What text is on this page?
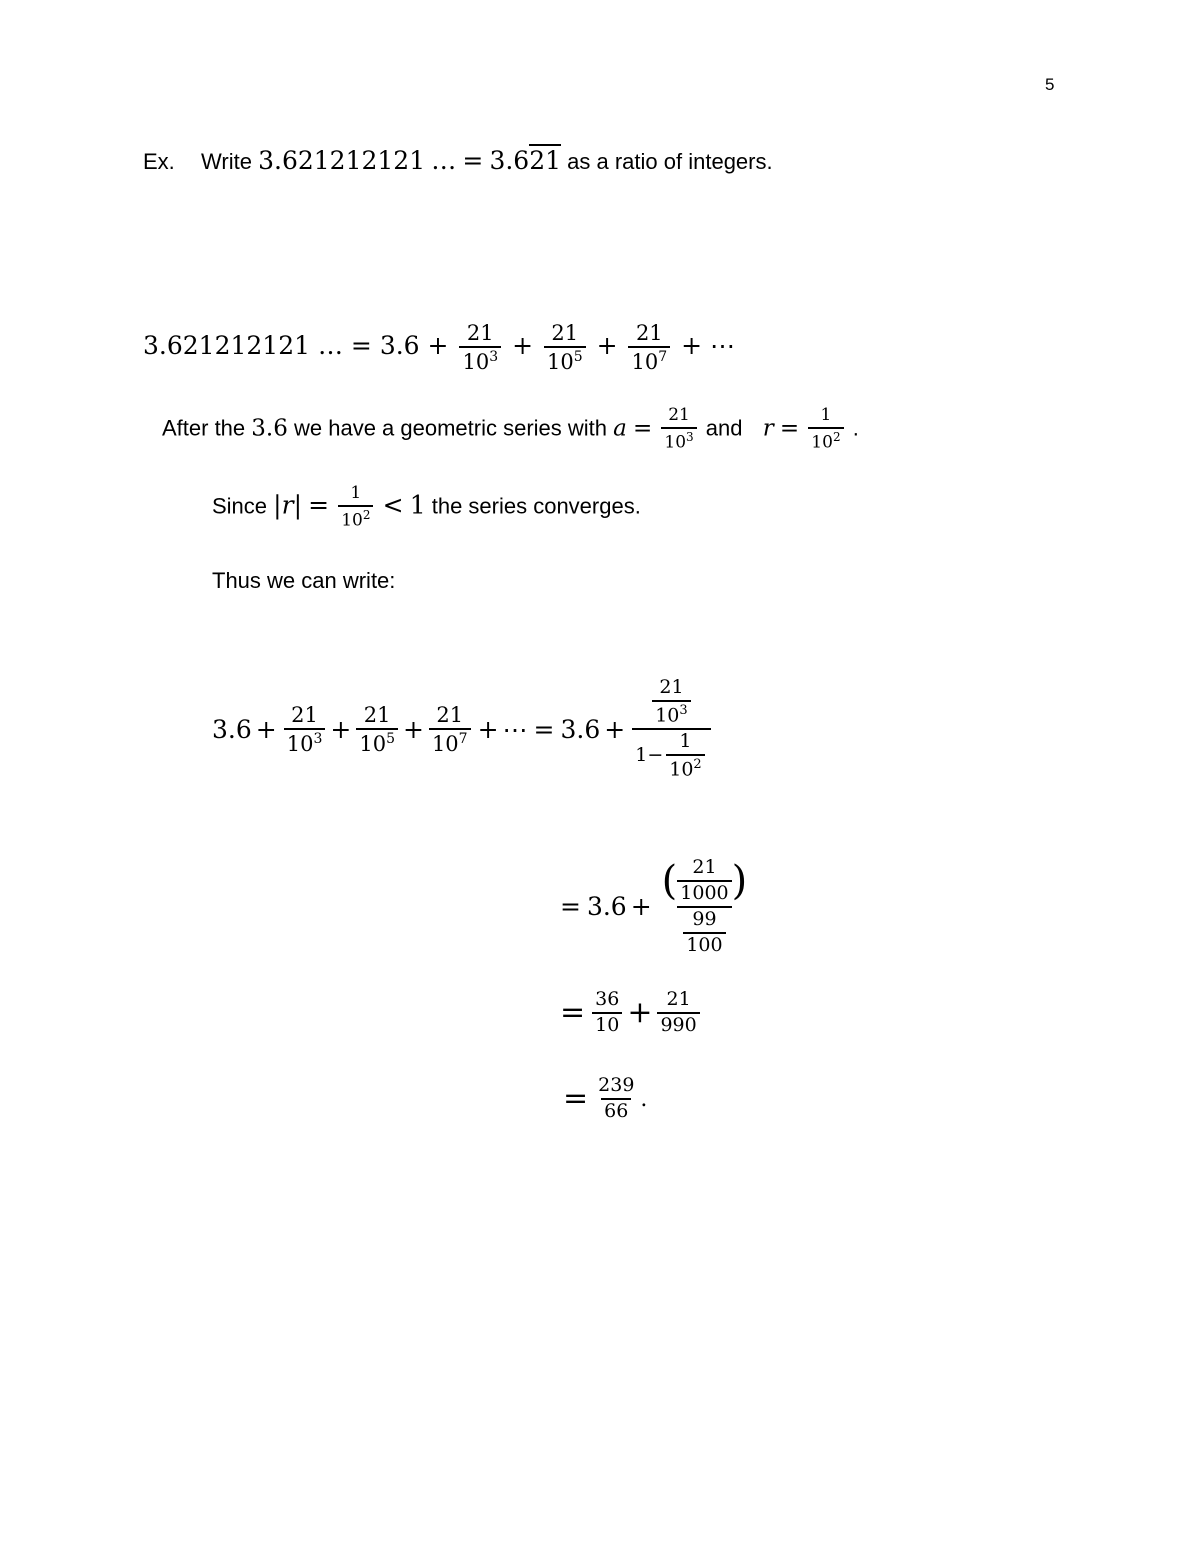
5
Ex. Write 3.621212121 … = 3.621 as a ratio of integers.
3.621212121 … = $3.6 + \frac{21}{10^3} + \frac{21}{10^5} + \frac{21}{10^7}$ + ⋯
After the 3.6 we have a geometric series with $a = \frac{21}{10^3}$ and $r = \frac{1}{10^2}$ .
Since $|r| = \frac{1}{10^2} < 1$ the series converges.
Thus we can write:
$3.6 + \frac{21}{10^3} + \frac{21}{10^5} + \frac{21}{10^7}$ + ⋯ = $3.6 + \frac{\frac{21}{10^3}}{1 - \frac{1}{10^2}}$
= 3.6 + ( 21
1000 )
$\frac{99}{100}$
= $\frac{36}{10} + \frac{21}{990}$
= $\frac{239}{66}$ .
